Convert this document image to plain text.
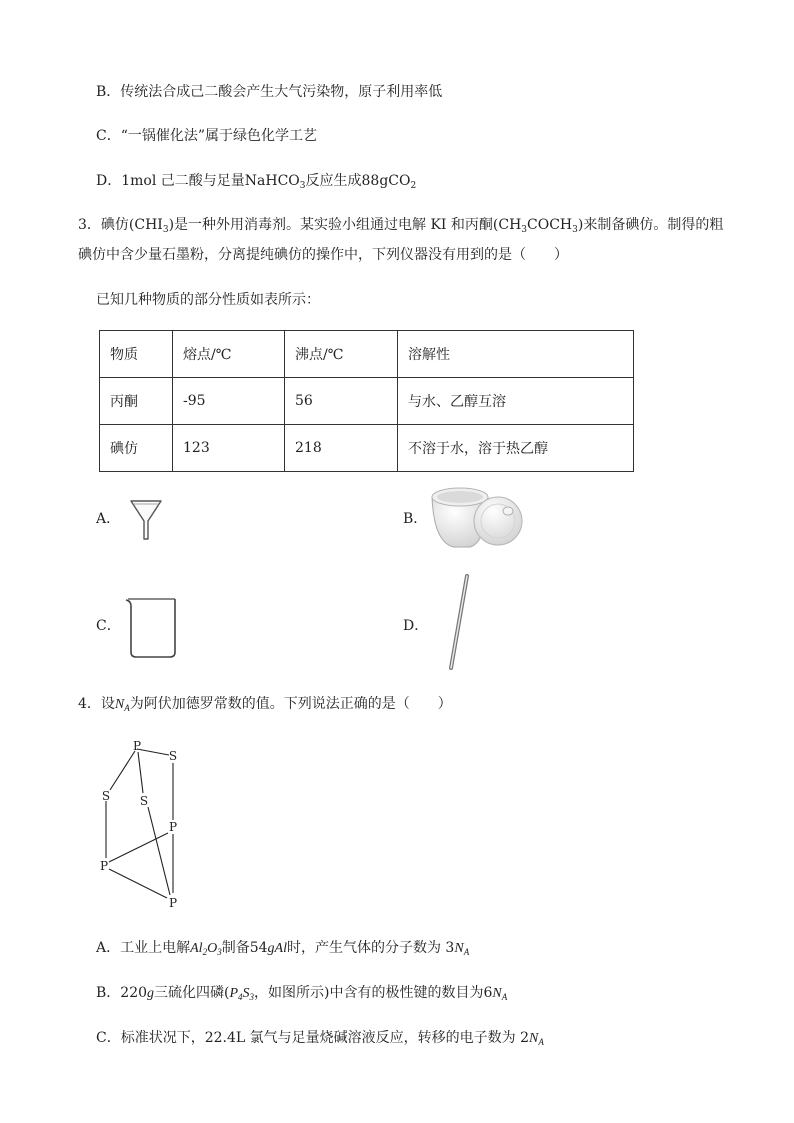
B．传统法合成己二酸会产生大气污染物，原子利用率低
C．“一锅催化法”属于绿色化学工艺
D．1mol 己二酸与足量NaHCO$_3$反应生成88gCO$_2$
3．碘仿$(CHI_3)$是一种外用消毒剂。某实验小组通过电解 KI 和丙酮$(CH_3COCH_3)$来制备碘仿。制得的粗
碘仿中含少量石墨粉，分离提纯碘仿的操作中，下列仪器没有用到的是（　　）
已知几种物质的部分性质如表所示：
物质	熔点/℃	沸点/℃	溶解性
丙酮	-95	56	与水、乙醇互溶
碘仿	123	218	不溶于水，溶于热乙醇
A．	B．
C．	D．
4．设$N_A$为阿伏加德罗常数的值。下列说法正确的是（　　）
P
S
S S
P
P
P
A．工业上电解$Al_2O_3$制备54gAl时，产生气体的分子数为 $3N_A$
B．220g三硫化四磷($P_4S_3$，如图所示)中含有的极性键的数目为$6N_A$
C．标准状况下，22.4L 氯气与足量烧碱溶液反应，转移的电子数为 $2N_A$
